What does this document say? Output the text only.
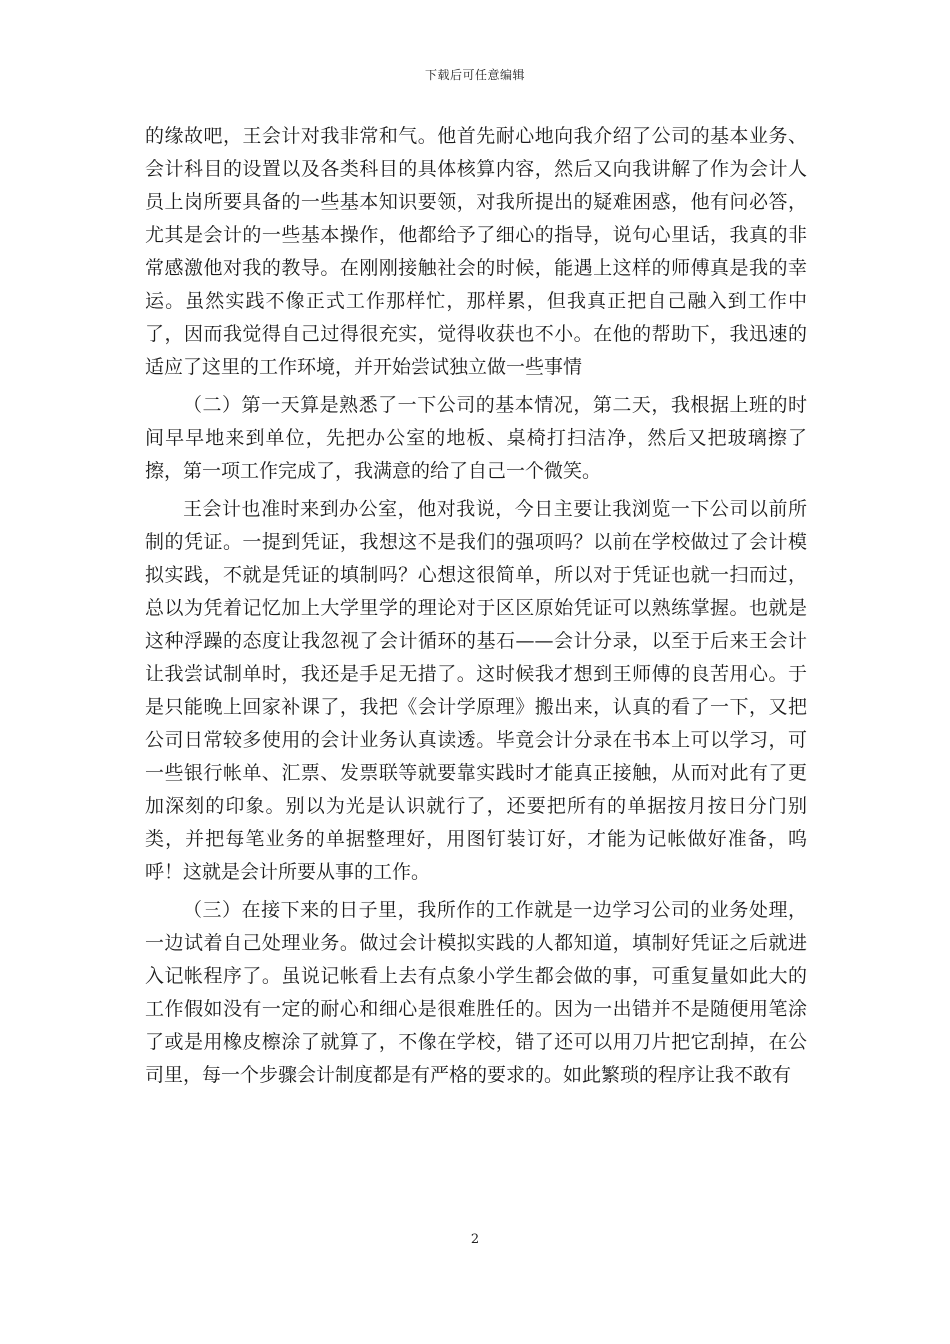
下载后可任意编辑

的缘故吧，王会计对我非常和气。他首先耐心地向我介绍了公司的基本业务、会计科目的设置以及各类科目的具体核算内容，然后又向我讲解了作为会计人员上岗所要具备的一些基本知识要领，对我所提出的疑难困惑，他有问必答，尤其是会计的一些基本操作，他都给予了细心的指导，说句心里话，我真的非常感激他对我的教导。在刚刚接触社会的时候，能遇上这样的师傅真是我的幸运。虽然实践不像正式工作那样忙，那样累，但我真正把自己融入到工作中了，因而我觉得自己过得很充实，觉得收获也不小。在他的帮助下，我迅速的适应了这里的工作环境，并开始尝试独立做一些事情

（二）第一天算是熟悉了一下公司的基本情况，第二天，我根据上班的时间早早地来到单位，先把办公室的地板、桌椅打扫洁净，然后又把玻璃擦了擦，第一项工作完成了，我满意的给了自己一个微笑。

王会计也准时来到办公室，他对我说，今日主要让我浏览一下公司以前所制的凭证。一提到凭证，我想这不是我们的强项吗？以前在学校做过了会计模拟实践，不就是凭证的填制吗？心想这很简单，所以对于凭证也就一扫而过，总以为凭着记忆加上大学里学的理论对于区区原始凭证可以熟练掌握。也就是这种浮躁的态度让我忽视了会计循环的基石——会计分录，以至于后来王会计让我尝试制单时，我还是手足无措了。这时候我才想到王师傅的良苦用心。于是只能晚上回家补课了，我把《会计学原理》搬出来，认真的看了一下，又把公司日常较多使用的会计业务认真读透。毕竟会计分录在书本上可以学习，可一些银行帐单、汇票、发票联等就要靠实践时才能真正接触，从而对此有了更加深刻的印象。别以为光是认识就行了，还要把所有的单据按月按日分门别类，并把每笔业务的单据整理好，用图钉装订好，才能为记帐做好准备，呜呼！这就是会计所要从事的工作。

（三）在接下来的日子里，我所作的工作就是一边学习公司的业务处理，一边试着自己处理业务。做过会计模拟实践的人都知道，填制好凭证之后就进入记帐程序了。虽说记帐看上去有点象小学生都会做的事，可重复量如此大的工作假如没有一定的耐心和细心是很难胜任的。因为一出错并不是随便用笔涂了或是用橡皮檫涂了就算了，不像在学校，错了还可以用刀片把它刮掉，在公司里，每一个步骤会计制度都是有严格的要求的。如此繁琐的程序让我不敢有

2
